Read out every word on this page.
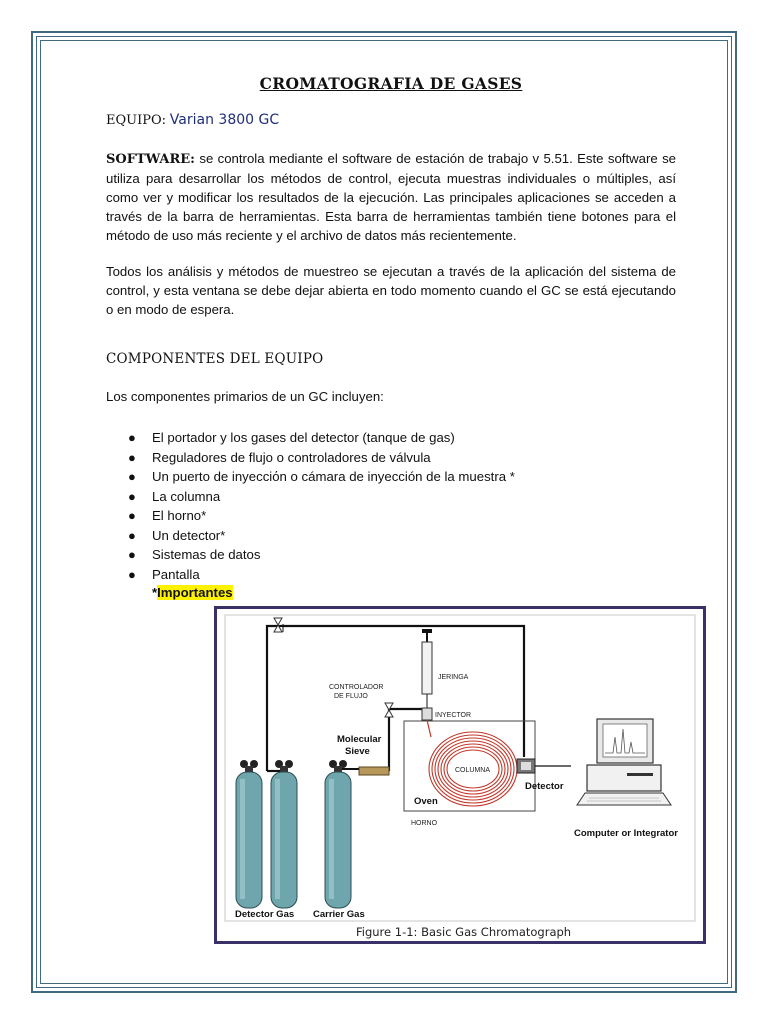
CROMATOGRAFIA DE GASES
EQUIPO: Varian 3800 GC
SOFTWARE: se controla mediante el software de estación de trabajo v 5.51. Este software se utiliza para desarrollar los métodos de control, ejecuta muestras individuales o múltiples, así como ver y modificar los resultados de la ejecución. Las principales aplicaciones se acceden a través de la barra de herramientas. Esta barra de herramientas también tiene botones para el método de uso más reciente y el archivo de datos más recientemente.
Todos los análisis y métodos de muestreo se ejecutan a través de la aplicación del sistema de control, y esta ventana se debe dejar abierta en todo momento cuando el GC se está ejecutando o en modo de espera.
COMPONENTES DEL EQUIPO
Los componentes primarios de un GC incluyen:
● El portador y los gases del detector (tanque de gas)
● Reguladores de flujo o controladores de válvula
● Un puerto de inyecciόn o cámara de inyección de la muestra *
● La columna
● El horno*
● Un detector*
● Sistemas de datos
● Pantalla
*Importantes
JERINGA
CONTROLADOR
DE FLUJO
INYECTOR
Molecular
Sieve
Oven
HORNO
COLUMNA
Detector
Computer or Integrator
Detector Gas Carrier Gas
Figure 1-1: Basic Gas Chromatograph
